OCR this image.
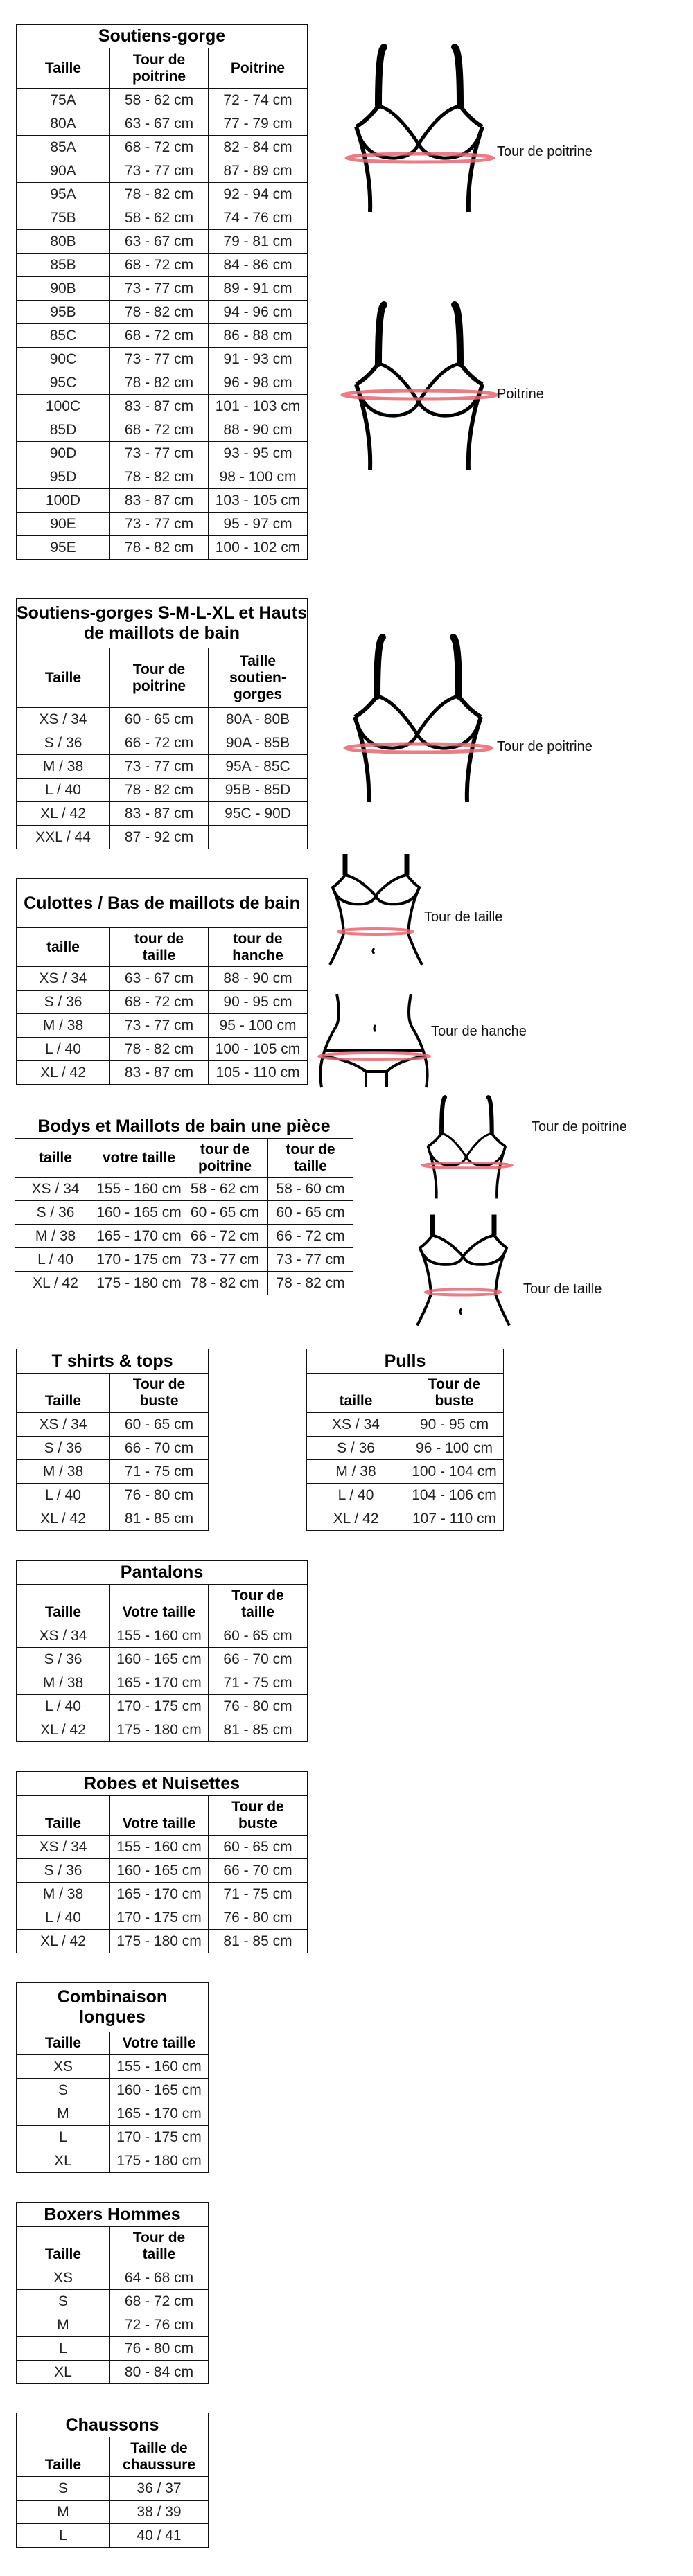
Soutiens-gorge		
Taille	Tour de poitrine	Poitrine
75A	58 - 62 cm	72 - 74 cm
80A	63 - 67 cm	77 - 79 cm
85A	68 - 72 cm	82 - 84 cm
90A	73 - 77 cm	87 - 89 cm
95A	78 - 82 cm	92 - 94 cm
75B	58 - 62 cm	74 - 76 cm
80B	63 - 67 cm	79 - 81 cm
85B	68 - 72 cm	84 - 86 cm
90B	73 - 77 cm	89 - 91 cm
95B	78 - 82 cm	94 - 96 cm
85C	68 - 72 cm	86 - 88 cm
90C	73 - 77 cm	91 - 93 cm
95C	78 - 82 cm	96 - 98 cm
100C	83 - 87 cm	101 - 103 cm
85D	68 - 72 cm	88 - 90 cm
90D	73 - 77 cm	93 - 95 cm
95D	78 - 82 cm	98 - 100 cm
100D	83 - 87 cm	103 - 105 cm
90E	73 - 77 cm	95 - 97 cm
95E	78 - 82 cm	100 - 102 cm
Tour de poitrine
Poitrine
Soutiens-gorges S-M-L-XL et Hauts de maillots de bain		
Taille	Tour de poitrine	Taille soutien-gorges
XS / 34	60 - 65 cm	80A - 80B
S / 36	66 - 72 cm	90A - 85B
M / 38	73 - 77 cm	95A - 85C
L / 40	78 - 82 cm	95B - 85D
XL / 42	83 - 87 cm	95C - 90D
XXL / 44	87 - 92 cm	
Tour de poitrine
Culottes / Bas de maillots de bain		
taille	tour de taille	tour de hanche
XS / 34	63 - 67 cm	88 - 90 cm
S / 36	68 - 72 cm	90 - 95 cm
M / 38	73 - 77 cm	95 - 100 cm
L / 40	78 - 82 cm	100 - 105 cm
XL / 42	83 - 87 cm	105 - 110 cm
Tour de taille
Tour de hanche
Bodys et Maillots de bain une pièce			
taille	votre taille	tour de poitrine	tour de taille
XS / 34	155 - 160 cm	58 - 62 cm	58 - 60 cm
S / 36	160 - 165 cm	60 - 65 cm	60 - 65 cm
M / 38	165 - 170 cm	66 - 72 cm	66 - 72 cm
L / 40	170 - 175 cm	73 - 77 cm	73 - 77 cm
XL / 42	175 - 180 cm	78 - 82 cm	78 - 82 cm
Tour de poitrine
Tour de taille
T shirts & tops	
Taille	Tour de buste
XS / 34	60 - 65 cm
S / 36	66 - 70 cm
M / 38	71 - 75 cm
L / 40	76 - 80 cm
XL / 42	81 - 85 cm
Pulls	
taille	Tour de buste
XS / 34	90 - 95 cm
S / 36	96 - 100 cm
M / 38	100 - 104 cm
L / 40	104 - 106 cm
XL / 42	107 - 110 cm
Pantalons		
Taille	Votre taille	Tour de taille
XS / 34	155 - 160 cm	60 - 65 cm
S / 36	160 - 165 cm	66 - 70 cm
M / 38	165 - 170 cm	71 - 75 cm
L / 40	170 - 175 cm	76 - 80 cm
XL / 42	175 - 180 cm	81 - 85 cm
Robes et Nuisettes		
Taille	Votre taille	Tour de buste
XS / 34	155 - 160 cm	60 - 65 cm
S / 36	160 - 165 cm	66 - 70 cm
M / 38	165 - 170 cm	71 - 75 cm
L / 40	170 - 175 cm	76 - 80 cm
XL / 42	175 - 180 cm	81 - 85 cm
Combinaison longues	
Taille	Votre taille
XS	155 - 160 cm
S	160 - 165 cm
M	165 - 170 cm
L	170 - 175 cm
XL	175 - 180 cm
Boxers Hommes	
Taille	Tour de taille
XS	64 - 68 cm
S	68 - 72 cm
M	72 - 76 cm
L	76 - 80 cm
XL	80 - 84 cm
Chaussons	
Taille	Taille de chaussure
S	36 / 37
M	38 / 39
L	40 / 41
